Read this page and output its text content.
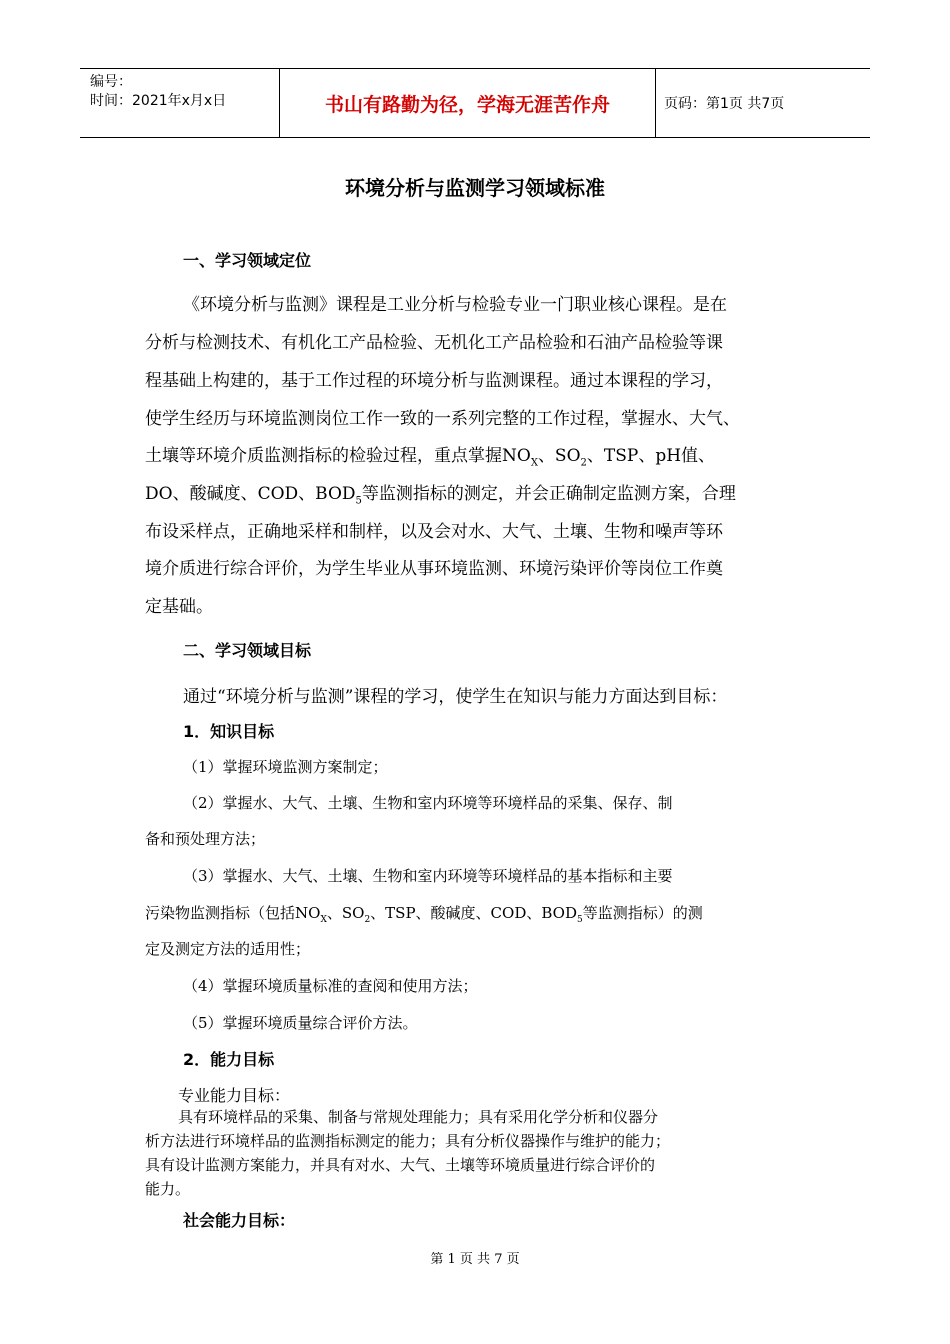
编号：
时间：2021年x月x日	书山有路勤为径，学海无涯苦作舟	页码：第1页 共7页
环境分析与监测学习领域标准
一、学习领域定位
《环境分析与监测》课程是工业分析与检验专业一门职业核心课程。是在
分析与检测技术、有机化工产品检验、无机化工产品检验和石油产品检验等课
程基础上构建的，基于工作过程的环境分析与监测课程。通过本课程的学习，
使学生经历与环境监测岗位工作一致的一系列完整的工作过程，掌握水、大气、
土壤等环境介质监测指标的检验过程，重点掌握$NO_X$、$SO_2$、TSP、pH值、
DO、酸碱度、COD、$BOD_5$等监测指标的测定，并会正确制定监测方案，合理
布设采样点，正确地采样和制样，以及会对水、大气、土壤、生物和噪声等环
境介质进行综合评价，为学生毕业从事环境监测、环境污染评价等岗位工作奠
定基础。
二、学习领域目标
通过“环境分析与监测”课程的学习，使学生在知识与能力方面达到目标：
1．知识目标
（1）掌握环境监测方案制定；
（2）掌握水、大气、土壤、生物和室内环境等环境样品的采集、保存、制
备和预处理方法；
（3）掌握水、大气、土壤、生物和室内环境等环境样品的基本指标和主要
污染物监测指标（包括$NO_X$、$SO_2$、TSP、酸碱度、COD、$BOD_5$等监测指标）的测
定及测定方法的适用性；
（4）掌握环境质量标准的查阅和使用方法；
（5）掌握环境质量综合评价方法。
2．能力目标
专业能力目标：
具有环境样品的采集、制备与常规处理能力；具有采用化学分析和仪器分
析方法进行环境样品的监测指标测定的能力；具有分析仪器操作与维护的能力；
具有设计监测方案能力，并具有对水、大气、土壤等环境质量进行综合评价的
能力。
社会能力目标：
第 1 页 共 7 页
